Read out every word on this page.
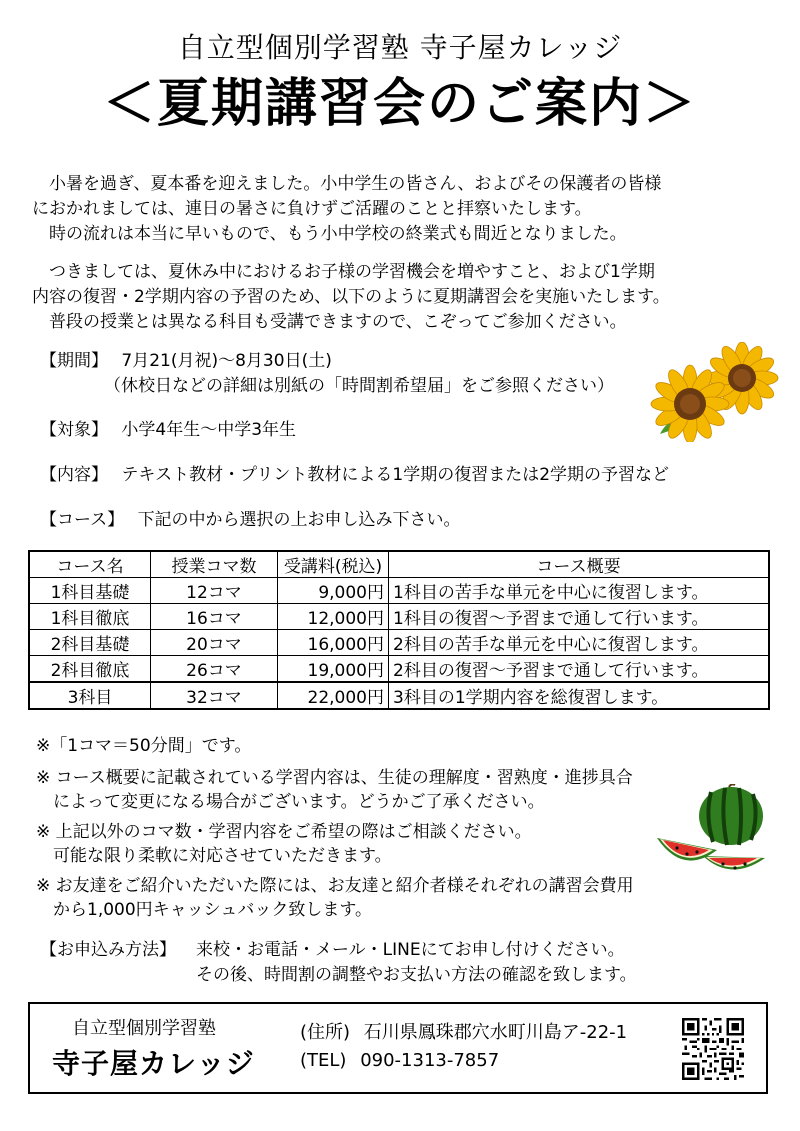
自立型個別学習塾 寺子屋カレッジ
＜夏期講習会のご案内＞
　小暑を過ぎ、夏本番を迎えました。小中学生の皆さん、およびその保護者の皆様
におかれましては、連日の暑さに負けずご活躍のことと拝察いたします。
　時の流れは本当に早いもので、もう小中学校の終業式も間近となりました。
　つきましては、夏休み中におけるお子様の学習機会を増やすこと、および1学期
内容の復習・2学期内容の予習のため、以下のように夏期講習会を実施いたします。
　普段の授業とは異なる科目も受講できますので、こぞってご参加ください。
【期間】 7月21(月祝)～8月30日(土)
（休校日などの詳細は別紙の「時間割希望届」をご参照ください）
【対象】 小学4年生～中学3年生
【内容】 テキスト教材・プリント教材による1学期の復習または2学期の予習など
【コース】 下記の中から選択の上お申し込み下さい。
コース名	授業コマ数	受講料(税込)	コース概要
1科目基礎	12コマ	9,000円	1科目の苦手な単元を中心に復習します。
1科目徹底	16コマ	12,000円	1科目の復習～予習まで通して行います。
2科目基礎	20コマ	16,000円	2科目の苦手な単元を中心に復習します。
2科目徹底	26コマ	19,000円	2科目の復習～予習まで通して行います。
3科目	32コマ	22,000円	3科目の1学期内容を総復習します。
※「1コマ＝50分間」です。
※ コース概要に記載されている学習内容は、生徒の理解度・習熟度・進捗具合
　によって変更になる場合がございます。どうかご了承ください。
※ 上記以外のコマ数・学習内容をご希望の際はご相談ください。
　可能な限り柔軟に対応させていただきます。
※ お友達をご紹介いただいた際には、お友達と紹介者様それぞれの講習会費用
　から1,000円キャッシュバック致します。
【お申込み方法】 来校・お電話・メール・LINEにてお申し付けください。
その後、時間割の調整やお支払い方法の確認を致します。
自立型個別学習塾
寺子屋カレッジ
(住所) 石川県鳳珠郡穴水町川島ア-22-1
(TEL) 090-1313-7857
